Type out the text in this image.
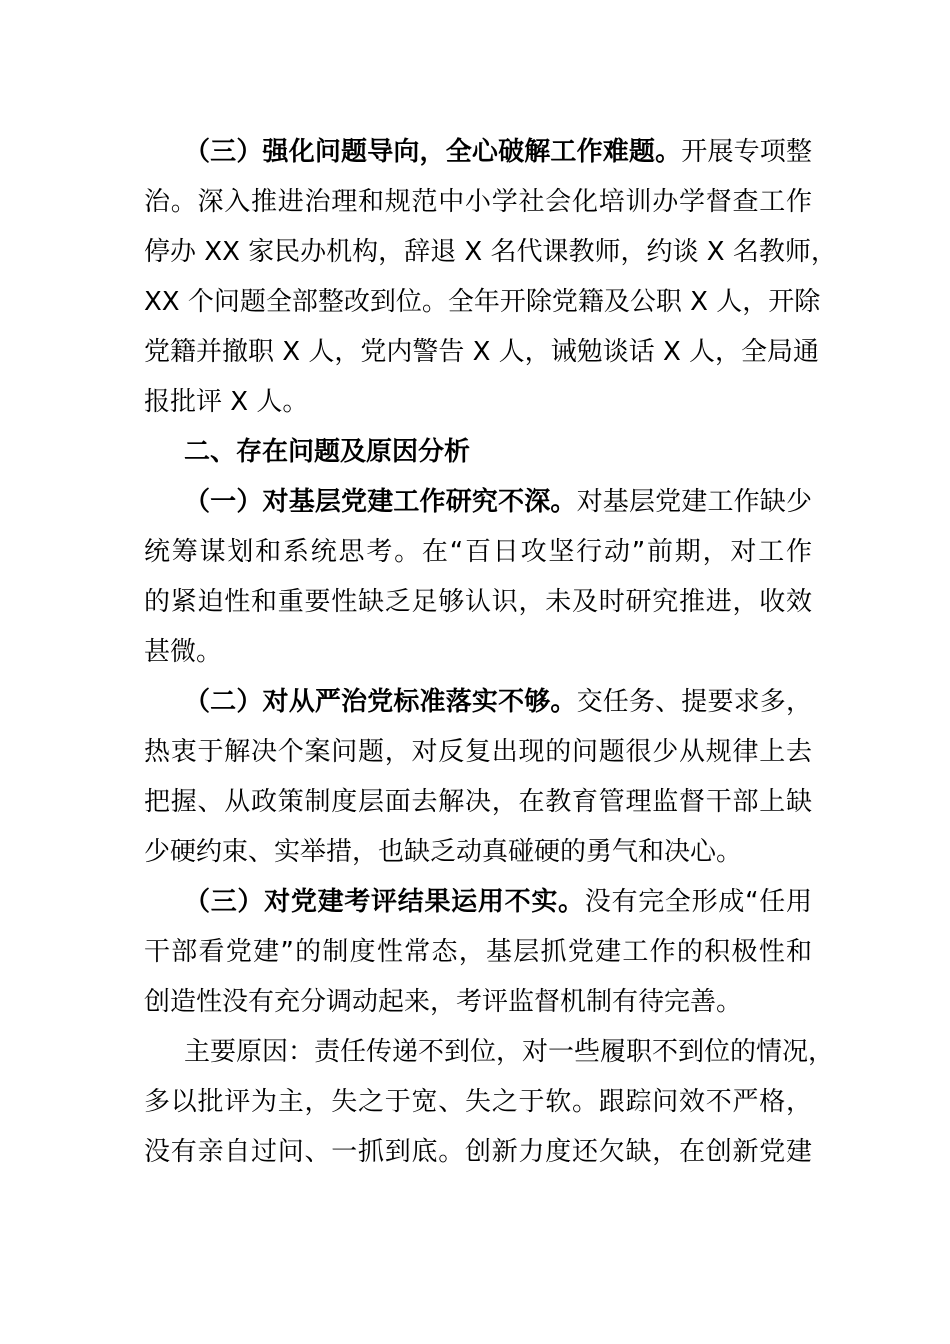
（三）强化问题导向，全心破解工作难题。开展专项整
治。深入推进治理和规范中小学社会化培训办学督查工作
停办 XX 家民办机构，辞退 X 名代课教师，约谈 X 名教师，
XX 个问题全部整改到位。全年开除党籍及公职 X 人，开除
党籍并撤职 X 人，党内警告 X 人，诫勉谈话 X 人，全局通
报批评 X 人。
二、存在问题及原因分析
（一）对基层党建工作研究不深。对基层党建工作缺少
统筹谋划和系统思考。在“百日攻坚行动”前期，对工作
的紧迫性和重要性缺乏足够认识，未及时研究推进，收效
甚微。
（二）对从严治党标准落实不够。交任务、提要求多，
热衷于解决个案问题，对反复出现的问题很少从规律上去
把握、从政策制度层面去解决，在教育管理监督干部上缺
少硬约束、实举措，也缺乏动真碰硬的勇气和决心。
（三）对党建考评结果运用不实。没有完全形成“任用
干部看党建”的制度性常态，基层抓党建工作的积极性和
创造性没有充分调动起来，考评监督机制有待完善。
主要原因：责任传递不到位，对一些履职不到位的情况，
多以批评为主，失之于宽、失之于软。跟踪问效不严格，
没有亲自过问、一抓到底。创新力度还欠缺，在创新党建
